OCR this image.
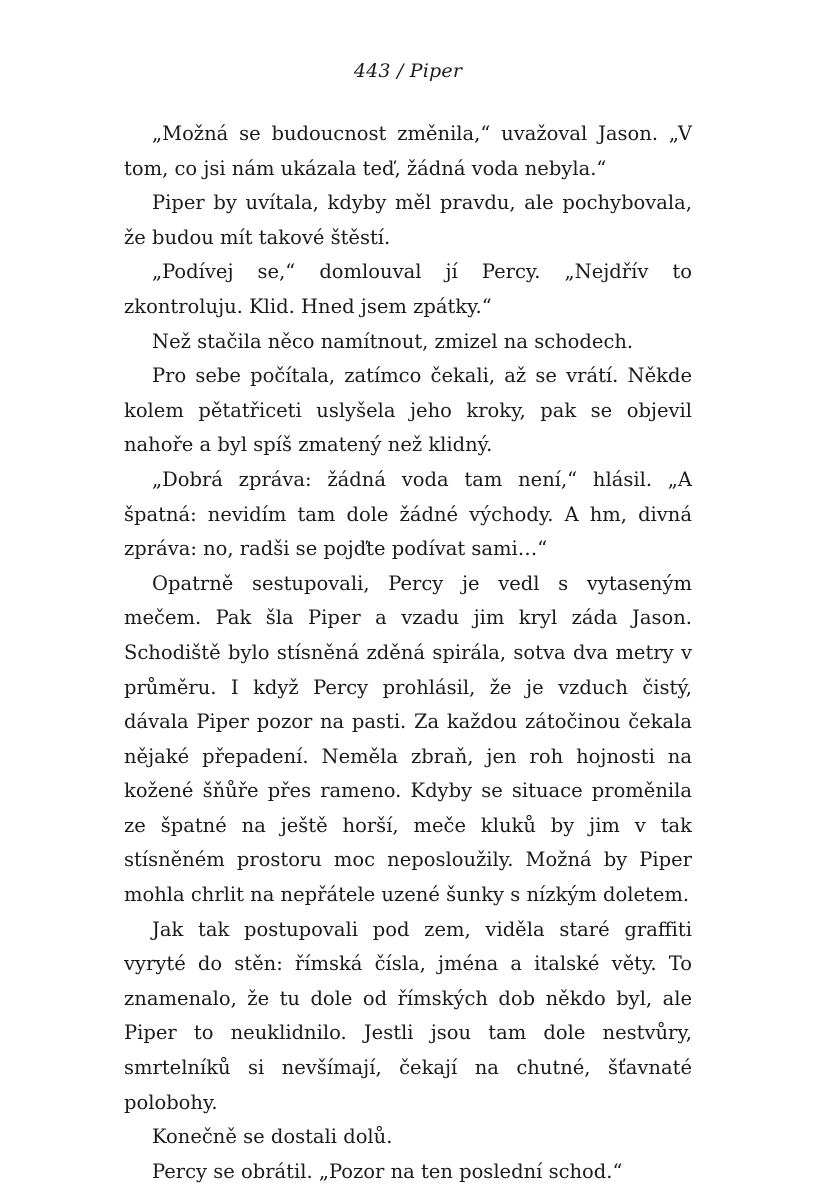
443 / Piper

„Možná se budoucnost změnila,“ uvažoval Jason. „V tom, co jsi nám ukázala teď, žádná voda nebyla.“

Piper by uvítala, kdyby měl pravdu, ale pochybovala, že budou mít takové štěstí.

„Podívej se,“ domlouval jí Percy. „Nejdřív to zkontroluju. Klid. Hned jsem zpátky.“

Než stačila něco namítnout, zmizel na schodech.

Pro sebe počítala, zatímco čekali, až se vrátí. Někde kolem pětatřiceti uslyšela jeho kroky, pak se objevil nahoře a byl spíš zmatený než klidný.

„Dobrá zpráva: žádná voda tam není,“ hlásil. „A špatná: nevidím tam dole žádné východy. A hm, divná zpráva: no, radši se pojďte podívat sami…“

Opatrně sestupovali, Percy je vedl s vytaseným mečem. Pak šla Piper a vzadu jim kryl záda Jason. Schodiště bylo stísněná zděná spirála, sotva dva metry v průměru. I když Percy prohlásil, že je vzduch čistý, dávala Piper pozor na pasti. Za každou zátočinou čekala nějaké přepadení. Neměla zbraň, jen roh hojnosti na kožené šňůře přes rameno. Kdyby se situace proměnila ze špatné na ještě horší, meče kluků by jim v tak stísněném prostoru moc neposloužily. Možná by Piper mohla chrlit na nepřátele uzené šunky s nízkým doletem.

Jak tak postupovali pod zem, viděla staré graffiti vyryté do stěn: římská čísla, jména a italské věty. To znamenalo, že tu dole od římských dob někdo byl, ale Piper to neuklidnilo. Jestli jsou tam dole nestvůry, smrtelníků si nevšímají, čekají na chutné, šťavnaté polobohy.

Konečně se dostali dolů.

Percy se obrátil. „Pozor na ten poslední schod.“
